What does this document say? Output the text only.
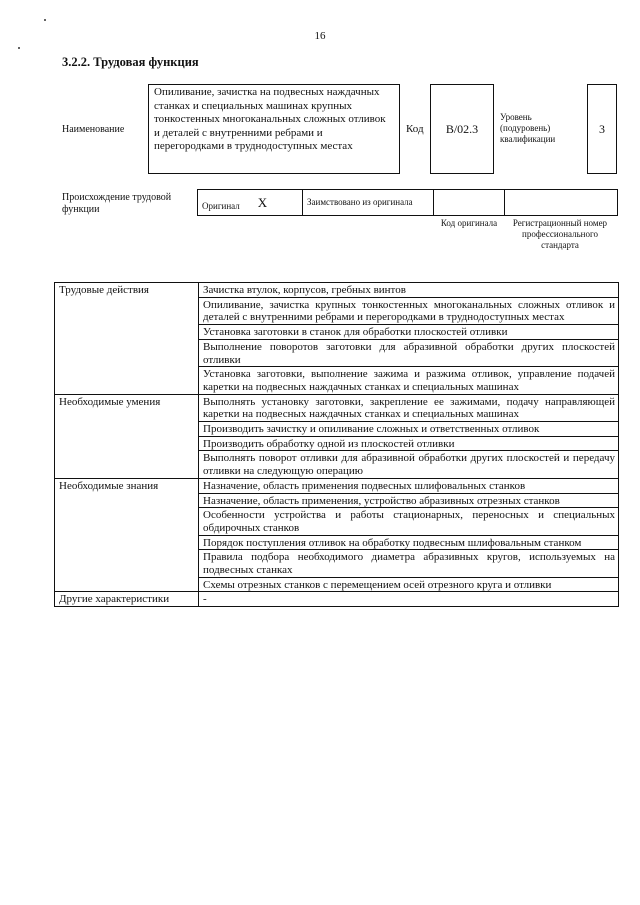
16
3.2.2. Трудовая функция
Наименование
Опиливание, зачистка на подвесных наждачных станках и специальных машинах крупных тонкостенных многоканальных сложных отливок и деталей с внутренними ребрами и перегородками в труднодоступных местах
Код	B/02.3
Уровень (подуровень) квалификации
3
Происхождение трудовой функции	Оригинал X	Заимствовано из оригинала		
Код оригинала	Регистрационный номер профессионального стандарта
Трудовые действия	Зачистка втулок, корпусов, гребных винтов
	Опиливание, зачистка крупных тонкостенных многоканальных сложных отливок и деталей с внутренними ребрами и перегородками в труднодоступных местах
	Установка заготовки в станок для обработки плоскостей отливки
	Выполнение поворотов заготовки для абразивной обработки других плоскостей отливки
	Установка заготовки, выполнение зажима и разжима отливок, управление подачей каретки на подвесных наждачных станках и специальных машинах
Необходимые умения	Выполнять установку заготовки, закрепление ее зажимами, подачу направляющей каретки на подвесных наждачных станках и специальных машинах
	Производить зачистку и опиливание сложных и ответственных отливок
	Производить обработку одной из плоскостей отливки
	Выполнять поворот отливки для абразивной обработки других плоскостей и передачу отливки на следующую операцию
Необходимые знания	Назначение, область применения подвесных шлифовальных станков
	Назначение, область применения, устройство абразивных отрезных станков
	Особенности устройства и работы стационарных, переносных и специальных обдирочных станков
	Порядок поступления отливок на обработку подвесным шлифовальным станком
	Правила подбора необходимого диаметра абразивных кругов, используемых на подвесных станках
	Схемы отрезных станков с перемещением осей отрезного круга и отливки
Другие характеристики	-
